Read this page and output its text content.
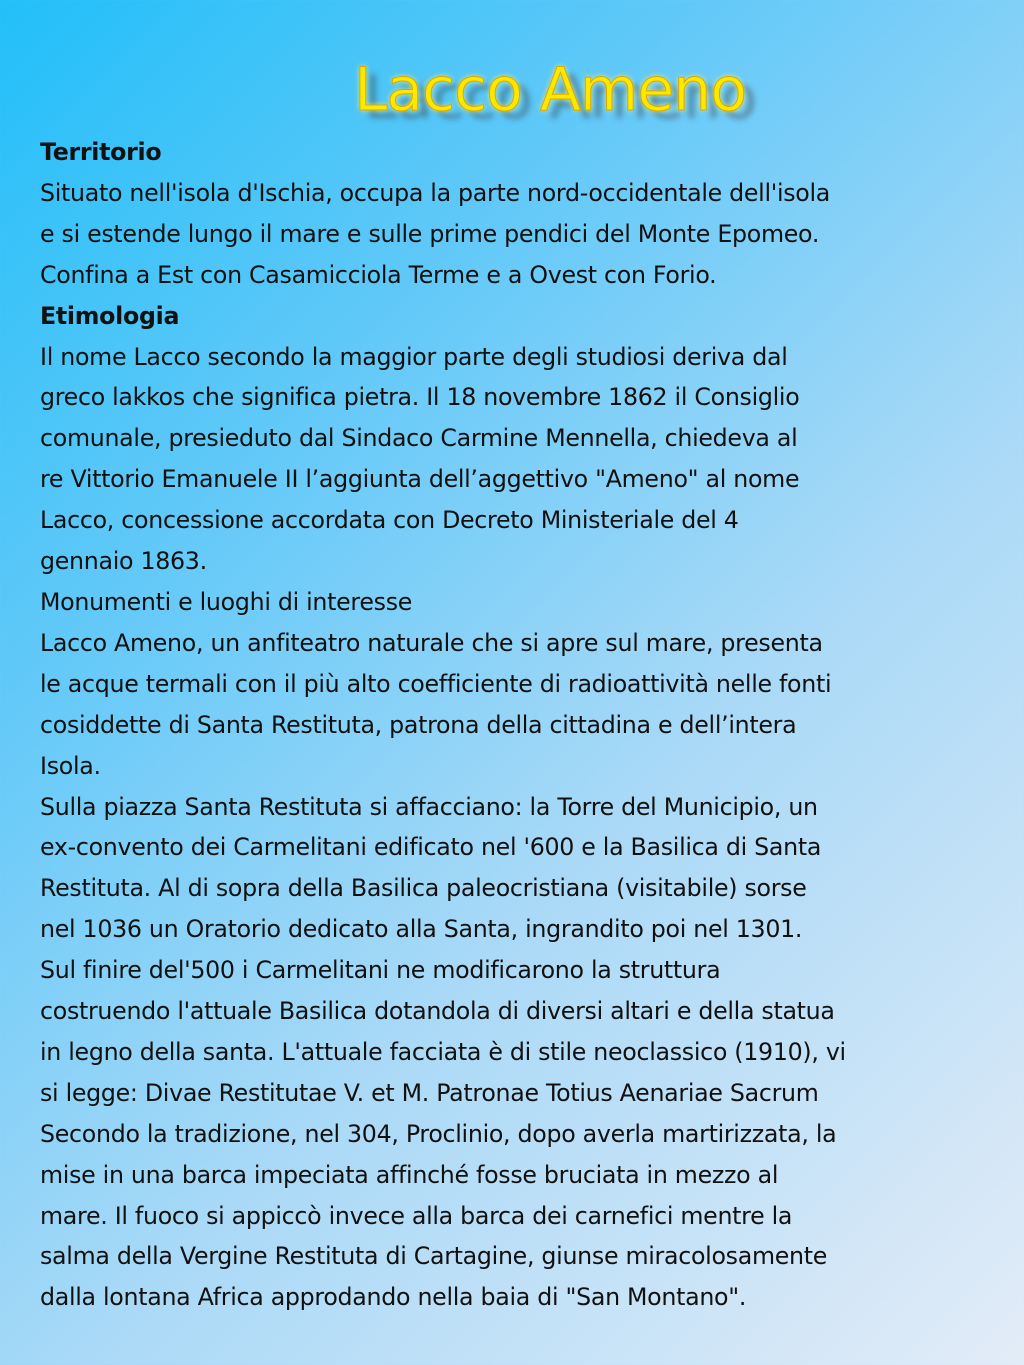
Lacco Ameno
Territorio
Situato nell'isola d'Ischia, occupa la parte nord-occidentale dell'isola
e si estende lungo il mare e sulle prime pendici del Monte Epomeo.
Confina a Est con Casamicciola Terme e a Ovest con Forio.
Etimologia
Il nome Lacco secondo la maggior parte degli studiosi deriva dal
greco lakkos che significa pietra. Il 18 novembre 1862 il Consiglio
comunale, presieduto dal Sindaco Carmine Mennella, chiedeva al
re Vittorio Emanuele II l’aggiunta dell’aggettivo "Ameno" al nome
Lacco, concessione accordata con Decreto Ministeriale del 4
gennaio 1863.
Monumenti e luoghi di interesse
Lacco Ameno, un anfiteatro naturale che si apre sul mare, presenta
le acque termali con il più alto coefficiente di radioattività nelle fonti
cosiddette di Santa Restituta, patrona della cittadina e dell’intera
Isola.
Sulla piazza Santa Restituta si affacciano: la Torre del Municipio, un
ex-convento dei Carmelitani edificato nel '600 e la Basilica di Santa
Restituta. Al di sopra della Basilica paleocristiana (visitabile) sorse
nel 1036 un Oratorio dedicato alla Santa, ingrandito poi nel 1301.
Sul finire del'500 i Carmelitani ne modificarono la struttura
costruendo l'attuale Basilica dotandola di diversi altari e della statua
in legno della santa. L'attuale facciata è di stile neoclassico (1910), vi
si legge: Divae Restitutae V. et M. Patronae Totius Aenariae Sacrum
Secondo la tradizione, nel 304, Proclinio, dopo averla martirizzata, la
mise in una barca impeciata affinché fosse bruciata in mezzo al
mare. Il fuoco si appiccò invece alla barca dei carnefici mentre la
salma della Vergine Restituta di Cartagine, giunse miracolosamente
dalla lontana Africa approdando nella baia di "San Montano".
